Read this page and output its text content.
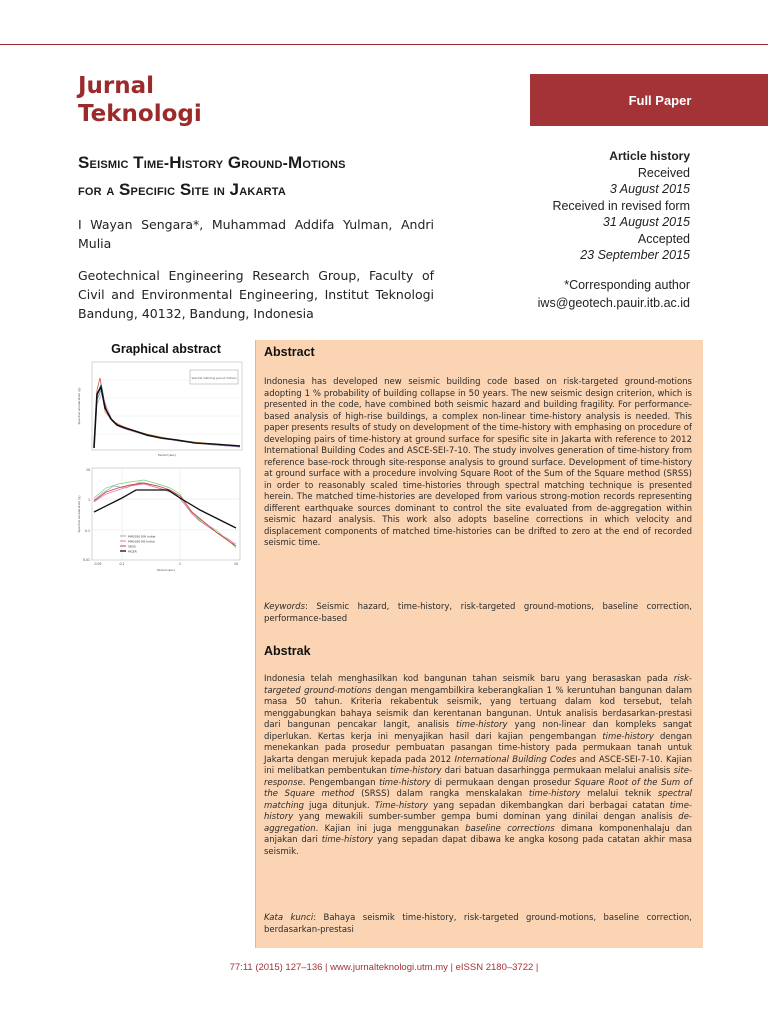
Jurnal
Teknologi
Full Paper
Seismic Time-History Ground-Motions
for a Specific Site in Jakarta
I Wayan Sengara*, Muhammad Addifa Yulman, Andri Mulia
Geotechnical Engineering Research Group, Faculty of Civil and Environmental Engineering, Institut Teknologi Bandung, 40132, Bandung, Indonesia
Article history
Received
3 August 2015
Received in revised form
31 August 2015
Accepted
23 September 2015
*Corresponding author
iws@geotech.pauir.itb.ac.id
Graphical abstract
Spectral matching ground motions
Spectral acceleration (g)
Period (sec)
MR0350 EW Initial
MR0350 NS Initial
SRSS
MCER
10
1
0.1
0.01
0.05	0.1	1	10
Spectral acceleration (g)
Period (sec)
Abstract
Indonesia has developed new seismic building code based on risk-targeted ground-motions adopting 1 % probability of building collapse in 50 years. The new seismic design criterion, which is presented in the code, have combined both seismic hazard and building fragility. For performance-based analysis of high-rise buildings, a complex non-linear time-history analysis is needed. This paper presents results of study on development of the time-history with emphasing on procedure of developing pairs of time-history at ground surface for spesific site in Jakarta with reference to 2012 International Building Codes and ASCE-SEI-7-10. The study involves generation of time-history from reference base-rock through site-response analysis to ground surface. Development of time-history at ground surface with a procedure involving Square Root of the Sum of the Square method (SRSS) in order to reasonably scaled time-histories through spectral matching technique is presented herein. The matched time-histories are developed from various strong-motion records representing different earthquake sources dominant to control the site evaluated from de-aggregation within seismic hazard analysis. This work also adopts baseline corrections in which velocity and displacement components of matched time-histories can be drifted to zero at the end of recorded seismic time.
Keywords: Seismic hazard, time-history, risk-targeted ground-motions, baseline correction, performance-based
Abstrak
Indonesia telah menghasilkan kod bangunan tahan seismik baru yang berasaskan pada risk-targeted ground-motions dengan mengambilkira keberangkalian 1 % keruntuhan bangunan dalam masa 50 tahun. Kriteria rekabentuk seismik, yang tertuang dalam kod tersebut, telah menggabungkan bahaya seismik dan kerentanan bangunan. Untuk analisis berdasarkan-prestasi dari bangunan pencakar langit, analisis time-history yang non-linear dan kompleks sangat diperlukan. Kertas kerja ini menyajikan hasil dari kajian pengembangan time-history dengan menekankan pada prosedur pembuatan pasangan time-history pada permukaan tanah untuk Jakarta dengan merujuk kepada pada 2012 International Building Codes and ASCE-SEI-7-10. Kajian ini melibatkan pembentukan time-history dari batuan dasarhingga permukaan melalui analisis site-response. Pengembangan time-history di permukaan dengan prosedur Square Root of the Sum of the Square method (SRSS) dalam rangka menskalakan time-history melalui teknik spectral matching juga ditunjuk. Time-history yang sepadan dikembangkan dari berbagai catatan time-history yang mewakili sumber-sumber gempa bumi dominan yang dinilai dengan analisis de-aggregation. Kajian ini juga menggunakan baseline corrections dimana komponenhalaju dan anjakan dari time-history yang sepadan dapat dibawa ke angka kosong pada catatan akhir masa seismik.
Kata kunci: Bahaya seismik time-history, risk-targeted ground-motions, baseline correction, berdasarkan-prestasi
77:11 (2015) 127–136 | www.jurnalteknologi.utm.my | eISSN 2180–3722 |
